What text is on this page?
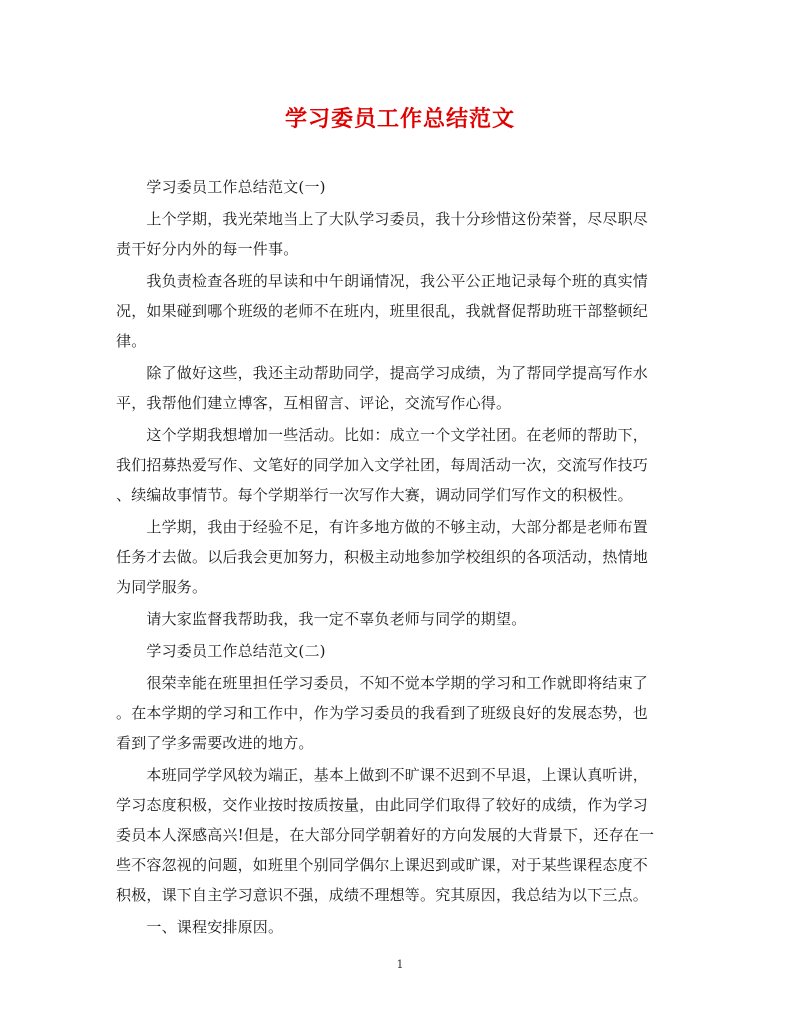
学习委员工作总结范文
　　学习委员工作总结范文(一)
　　上个学期，我光荣地当上了大队学习委员，我十分珍惜这份荣誉，尽尽职尽
责干好分内外的每一件事。
　　我负责检查各班的早读和中午朗诵情况，我公平公正地记录每个班的真实情
况，如果碰到哪个班级的老师不在班内，班里很乱，我就督促帮助班干部整顿纪
律。
　　除了做好这些，我还主动帮助同学，提高学习成绩，为了帮同学提高写作水
平，我帮他们建立博客，互相留言、评论，交流写作心得。
　　这个学期我想增加一些活动。比如：成立一个文学社团。在老师的帮助下，
我们招募热爱写作、文笔好的同学加入文学社团，每周活动一次，交流写作技巧
、续编故事情节。每个学期举行一次写作大赛，调动同学们写作文的积极性。
　　上学期，我由于经验不足，有许多地方做的不够主动，大部分都是老师布置
任务才去做。以后我会更加努力，积极主动地参加学校组织的各项活动，热情地
为同学服务。
　　请大家监督我帮助我，我一定不辜负老师与同学的期望。
　　学习委员工作总结范文(二)
　　很荣幸能在班里担任学习委员，不知不觉本学期的学习和工作就即将结束了
。在本学期的学习和工作中，作为学习委员的我看到了班级良好的发展态势，也
看到了学多需要改进的地方。
　　本班同学学风较为端正，基本上做到不旷课不迟到不早退，上课认真听讲，
学习态度积极，交作业按时按质按量，由此同学们取得了较好的成绩，作为学习
委员本人深感高兴!但是，在大部分同学朝着好的方向发展的大背景下，还存在一
些不容忽视的问题，如班里个别同学偶尔上课迟到或旷课，对于某些课程态度不
积极，课下自主学习意识不强，成绩不理想等。究其原因，我总结为以下三点。
　　一、课程安排原因。
1
